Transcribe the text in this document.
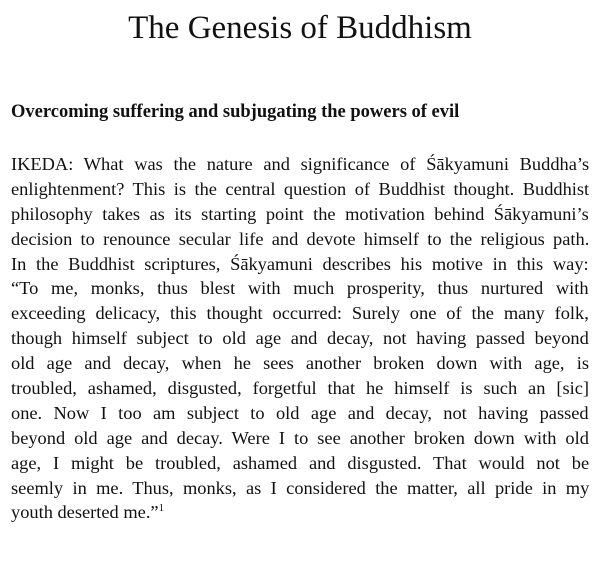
The Genesis of Buddhism
Overcoming suffering and subjugating the powers of evil
IKEDA: What was the nature and significance of Śākyamuni Buddha’s
enlightenment? This is the central question of Buddhist thought. Buddhist
philosophy takes as its starting point the motivation behind Śākyamuni’s
decision to renounce secular life and devote himself to the religious path.
In the Buddhist scriptures, Śākyamuni describes his motive in this way:
“To me, monks, thus blest with much prosperity, thus nurtured with
exceeding delicacy, this thought occurred: Surely one of the many folk,
though himself subject to old age and decay, not having passed beyond
old age and decay, when he sees another broken down with age, is
troubled, ashamed, disgusted, forgetful that he himself is such an [sic]
one. Now I too am subject to old age and decay, not having passed
beyond old age and decay. Were I to see another broken down with old
age, I might be troubled, ashamed and disgusted. That would not be
seemly in me. Thus, monks, as I considered the matter, all pride in my
youth deserted me.”$^1$
